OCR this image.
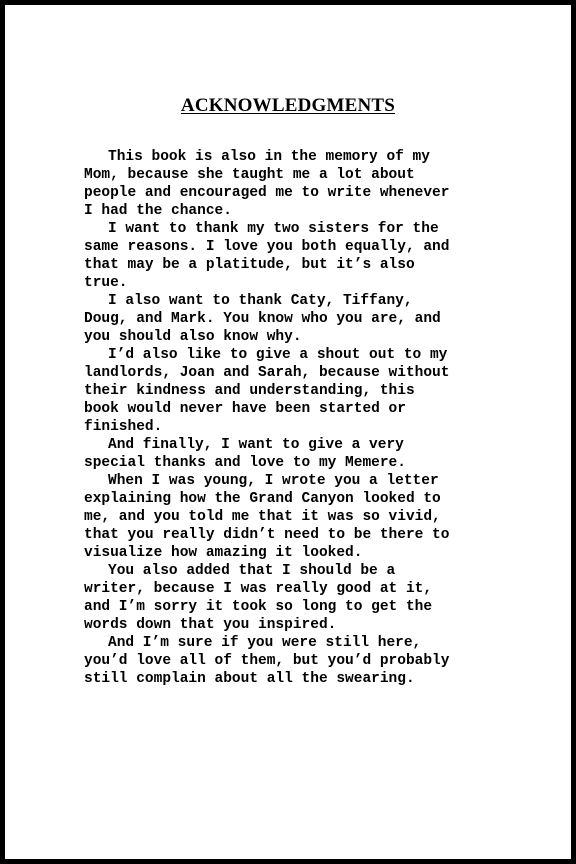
ACKNOWLEDGMENTS

This book is also in the memory of my
Mom, because she taught me a lot about
people and encouraged me to write whenever
I had the chance.

I want to thank my two sisters for the
same reasons. I love you both equally, and
that may be a platitude, but it’s also
true.

I also want to thank Caty, Tiffany,
Doug, and Mark. You know who you are, and
you should also know why.

I’d also like to give a shout out to my
landlords, Joan and Sarah, because without
their kindness and understanding, this
book would never have been started or
finished.

And finally, I want to give a very
special thanks and love to my Memere.

When I was young, I wrote you a letter
explaining how the Grand Canyon looked to
me, and you told me that it was so vivid,
that you really didn’t need to be there to
visualize how amazing it looked.

You also added that I should be a
writer, because I was really good at it,
and I’m sorry it took so long to get the
words down that you inspired.

And I’m sure if you were still here,
you’d love all of them, but you’d probably
still complain about all the swearing.
